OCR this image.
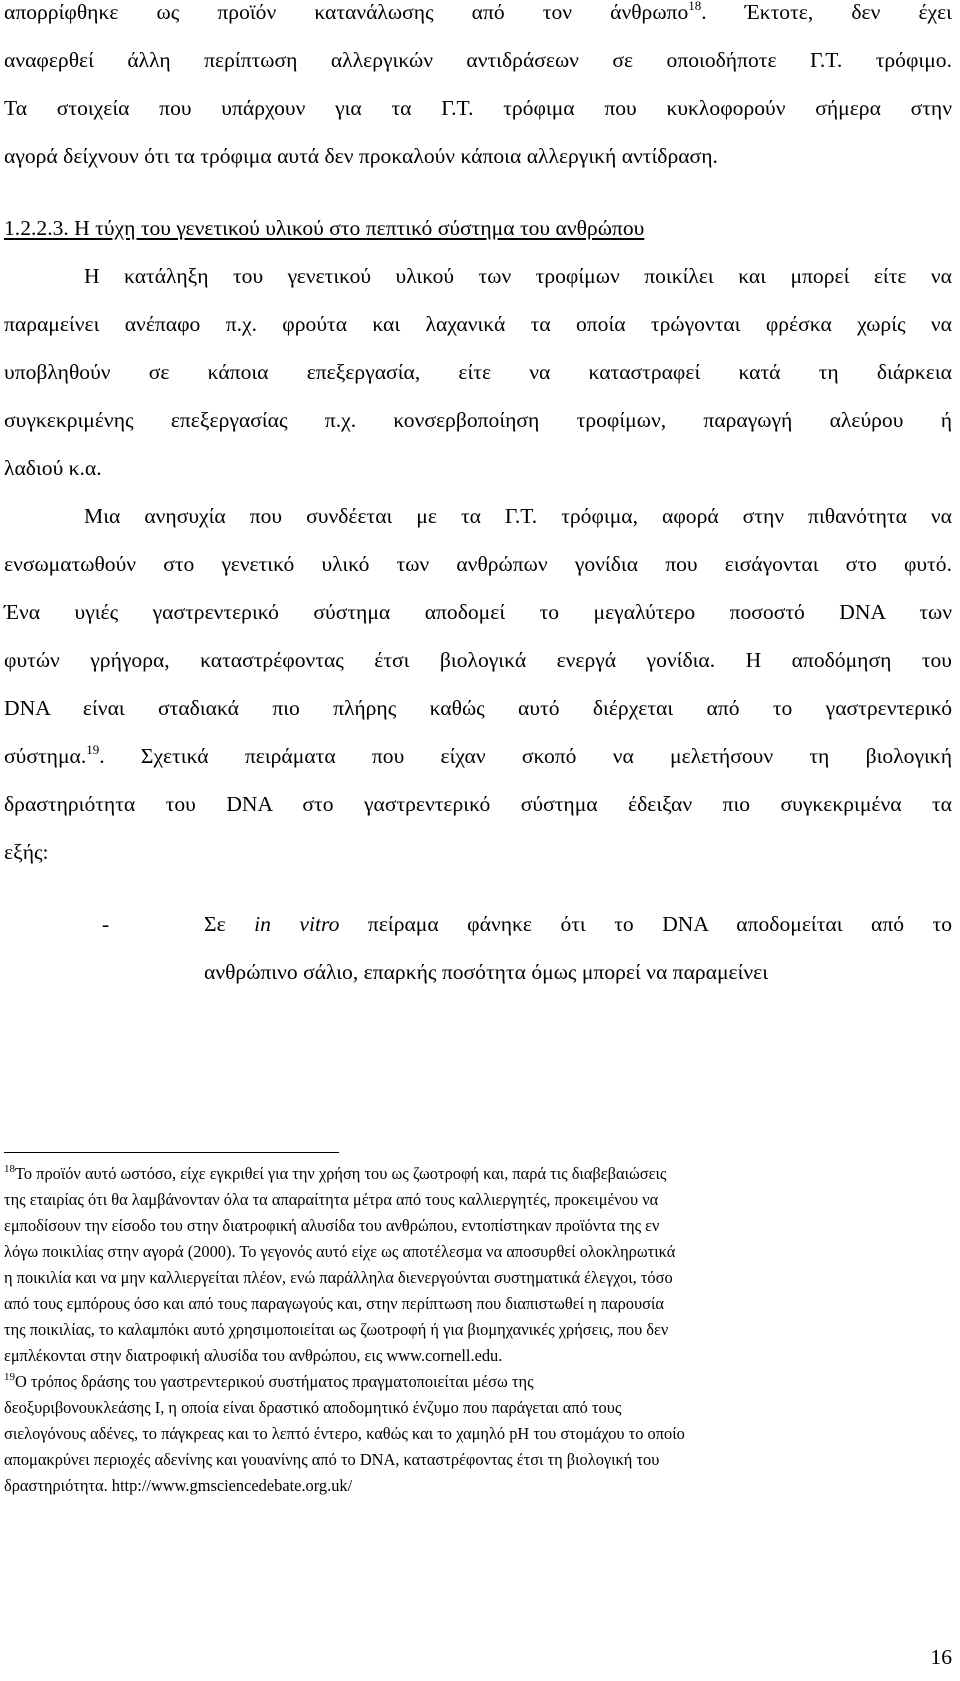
απορρίφθηκε ως προϊόν κατανάλωσης από τον άνθρωπο$^{18}$. Έκτοτε, δεν έχει
αναφερθεί άλλη περίπτωση αλλεργικών αντιδράσεων σε οποιοδήποτε Γ.Τ. τρόφιμο.
Τα στοιχεία που υπάρχουν για τα Γ.Τ. τρόφιμα που κυκλοφορούν σήμερα στην
αγορά δείχνουν ότι τα τρόφιμα αυτά δεν προκαλούν κάποια αλλεργική αντίδραση.
1.2.2.3. Η τύχη του γενετικού υλικού στο πεπτικό σύστημα του ανθρώπου
Η κατάληξη του γενετικού υλικού των τροφίμων ποικίλει και μπορεί είτε να
παραμείνει ανέπαφο π.χ. φρούτα και λαχανικά τα οποία τρώγονται φρέσκα χωρίς να
υποβληθούν σε κάποια επεξεργασία, είτε να καταστραφεί κατά τη διάρκεια
συγκεκριμένης επεξεργασίας π.χ. κονσερβοποίηση τροφίμων, παραγωγή αλεύρου ή
λαδιού κ.α.
Μια ανησυχία που συνδέεται με τα Γ.Τ. τρόφιμα, αφορά στην πιθανότητα να
ενσωματωθούν στο γενετικό υλικό των ανθρώπων γονίδια που εισάγονται στο φυτό.
Ένα υγιές γαστρεντερικό σύστημα αποδομεί το μεγαλύτερο ποσοστό DNA των
φυτών γρήγορα, καταστρέφοντας έτσι βιολογικά ενεργά γονίδια. Η αποδόμηση του
DNA είναι σταδιακά πιο πλήρης καθώς αυτό διέρχεται από το γαστρεντερικό
σύστημα.$^{19}$. Σχετικά πειράματα που είχαν σκοπό να μελετήσουν τη βιολογική
δραστηριότητα του DNA στο γαστρεντερικό σύστημα έδειξαν πιο συγκεκριμένα τα
εξής:
-	Σε in vitro πείραμα φάνηκε ότι το DNA αποδομείται από το
ανθρώπινο σάλιο, επαρκής ποσότητα όμως μπορεί να παραμείνει
$^{18}$Το προϊόν αυτό ωστόσο, είχε εγκριθεί για την χρήση του ως ζωοτροφή και, παρά τις διαβεβαιώσεις
της εταιρίας ότι θα λαμβάνονταν όλα τα απαραίτητα μέτρα από τους καλλιεργητές, προκειμένου να
εμποδίσουν την είσοδο του στην διατροφική αλυσίδα του ανθρώπου, εντοπίστηκαν προϊόντα της εν
λόγω ποικιλίας στην αγορά (2000). Το γεγονός αυτό είχε ως αποτέλεσμα να αποσυρθεί ολοκληρωτικά
η ποικιλία και να μην καλλιεργείται πλέον, ενώ παράλληλα διενεργούνται συστηματικά έλεγχοι, τόσο
από τους εμπόρους όσο και από τους παραγωγούς και, στην περίπτωση που διαπιστωθεί η παρουσία
της ποικιλίας, το καλαμπόκι αυτό χρησιμοποιείται ως ζωοτροφή ή για βιομηχανικές χρήσεις, που δεν
εμπλέκονται στην διατροφική αλυσίδα του ανθρώπου, εις www.cornell.edu.
$^{19}$Ο τρόπος δράσης του γαστρεντερικού συστήματος πραγματοποιείται μέσω της
δεοξυριβονουκλεάσης I, η οποία είναι δραστικό αποδομητικό ένζυμο που παράγεται από τους
σιελογόνους αδένες, το πάγκρεας και το λεπτό έντερο, καθώς και το χαμηλό pH του στομάχου το οποίο
απομακρύνει περιοχές αδενίνης και γουανίνης από το DNA, καταστρέφοντας έτσι τη βιολογική του
δραστηριότητα. http://www.gmsciencedebate.org.uk/
16
